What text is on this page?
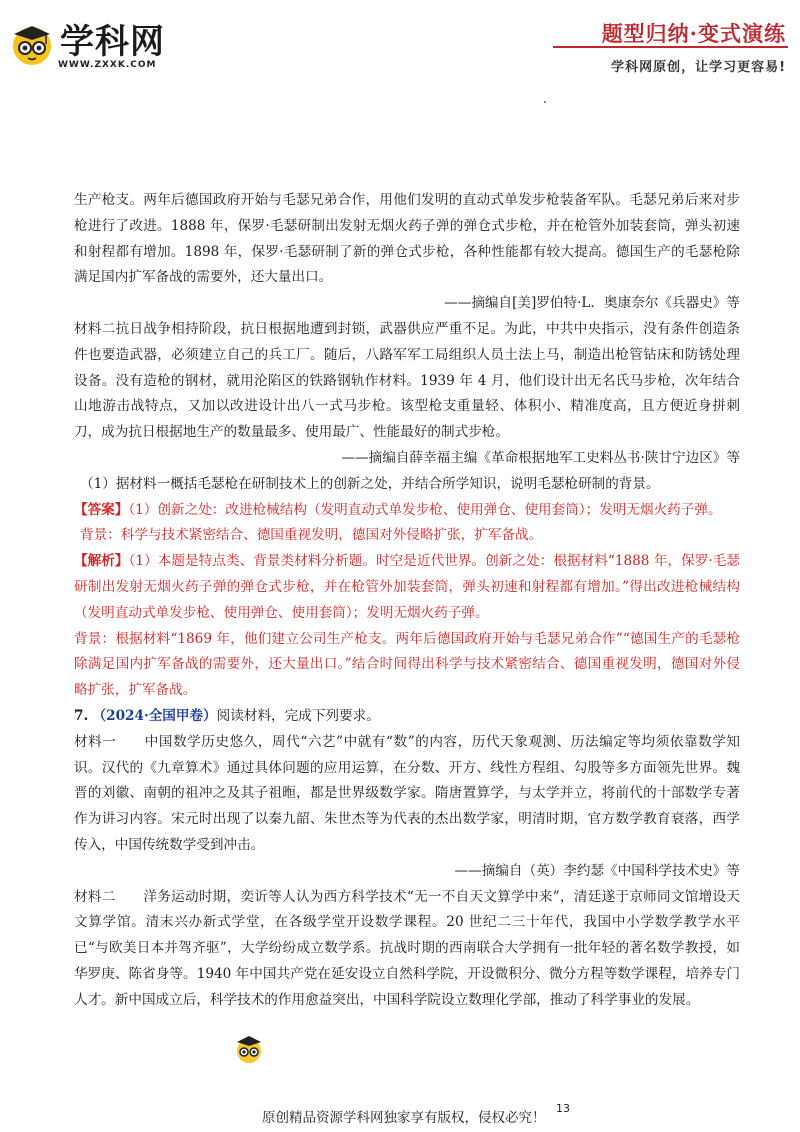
学科网
WWW.ZXXK.COM
题型归纳·变式演练
学科网原创，让学习更容易!

生产枪支。两年后德国政府开始与毛瑟兄弟合作，用他们发明的直动式单发步枪装备军队。毛瑟兄弟后来对步枪进行了改进。1888 年，保罗·毛瑟研制出发射无烟火药子弹的弹仓式步枪，并在枪管外加装套筒，弹头初速和射程都有增加。1898 年，保罗·毛瑟研制了新的弹仓式步枪，各种性能都有较大提高。德国生产的毛瑟枪除满足国内扩军备战的需要外，还大量出口。

——摘编自[美]罗伯特·L．奥康奈尔《兵器史》等

材料二抗日战争相持阶段，抗日根据地遭到封锁，武器供应严重不足。为此，中共中央指示，没有条件创造条件也要造武器，必须建立自己的兵工厂。随后，八路军军工局组织人员土法上马，制造出枪管钻床和防锈处理设备。没有造枪的钢材，就用沦陷区的铁路钢轨作材料。1939 年 4 月，他们设计出无名氏马步枪，次年结合山地游击战特点，又加以改进设计出八一式马步枪。该型枪支重量轻、体积小、精准度高，且方便近身拼刺刀，成为抗日根据地生产的数量最多、使用最广、性能最好的制式步枪。

——摘编自薛幸福主编《革命根据地军工史料丛书·陕甘宁边区》等

（1）据材料一概括毛瑟枪在研制技术上的创新之处，并结合所学知识，说明毛瑟枪研制的背景。

【答案】（1）创新之处：改进枪械结构（发明直动式单发步枪、使用弹仓、使用套筒）；发明无烟火药子弹。

背景：科学与技术紧密结合、德国重视发明，德国对外侵略扩张，扩军备战。

【解析】（1）本题是特点类、背景类材料分析题。时空是近代世界。创新之处：根据材料“1888 年，保罗·毛瑟研制出发射无烟火药子弹的弹仓式步枪，并在枪管外加装套筒，弹头初速和射程都有增加。”得出改进枪械结构（发明直动式单发步枪、使用弹仓、使用套筒）；发明无烟火药子弹。

背景：根据材料“1869 年，他们建立公司生产枪支。两年后德国政府开始与毛瑟兄弟合作”“德国生产的毛瑟枪除满足国内扩军备战的需要外，还大量出口。”结合时间得出科学与技术紧密结合、德国重视发明，德国对外侵略扩张，扩军备战。

7. （2024·全国甲卷）阅读材料，完成下列要求。

材料一　　中国数学历史悠久，周代“六艺”中就有“数”的内容，历代天象观测、历法编定等均须依靠数学知识。汉代的《九章算术》通过具体问题的应用运算，在分数、开方、线性方程组、勾股等多方面领先世界。魏晋的刘徽、南朝的祖冲之及其子祖暅，都是世界级数学家。隋唐置算学，与太学并立，将前代的十部数学专著作为讲习内容。宋元时出现了以秦九韶、朱世杰等为代表的杰出数学家，明清时期，官方数学教育衰落，西学传入，中国传统数学受到冲击。

——摘编自（英）李约瑟《中国科学技术史》等

材料二　　洋务运动时期，奕䜣等人认为西方科学技术“无一不自天文算学中来”，清廷遂于京师同文馆增设天文算学馆。清末兴办新式学堂，在各级学堂开设数学课程。20 世纪二三十年代，我国中小学数学教学水平已“与欧美日本并驾齐驱”，大学纷纷成立数学系。抗战时期的西南联合大学拥有一批年轻的著名数学教授，如华罗庚、陈省身等。1940 年中国共产党在延安设立自然科学院，开设微积分、微分方程等数学课程，培养专门人才。新中国成立后，科学技术的作用愈益突出，中国科学院设立数理化学部，推动了科学事业的发展。

原创精品资源学科网独家享有版权，侵权必究！
13
